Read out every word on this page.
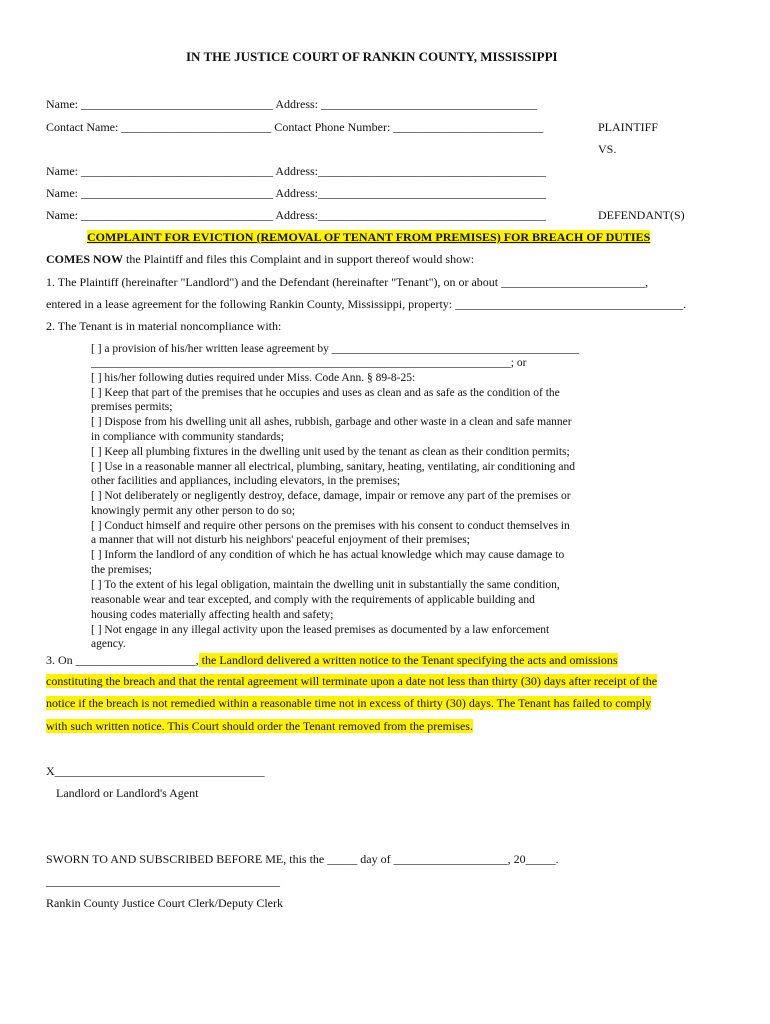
IN THE JUSTICE COURT OF RANKIN COUNTY, MISSISSIPPI
Name: ________________________________ Address: ____________________________________
Contact Name: _________________________ Contact Phone Number: _________________________	PLAINTIFF
VS.
Name: ________________________________ Address:______________________________________
Name: ________________________________ Address:______________________________________
Name: ________________________________ Address:______________________________________	DEFENDANT(S)
COMPLAINT FOR EVICTION (REMOVAL OF TENANT FROM PREMISES) FOR BREACH OF DUTIES
COMES NOW the Plaintiff and files this Complaint and in support thereof would show:
1. The Plaintiff (hereinafter "Landlord") and the Defendant (hereinafter "Tenant"), on or about ________________________,
entered in a lease agreement for the following Rankin County, Mississippi, property: ______________________________________.
2. The Tenant is in material noncompliance with:
[ ] a provision of his/her written lease agreement by ___________________________________________
_________________________________________________________________________; or
[ ] his/her following duties required under Miss. Code Ann. § 89-8-25:
[ ] Keep that part of the premises that he occupies and uses as clean and as safe as the condition of the
premises permits;
[ ] Dispose from his dwelling unit all ashes, rubbish, garbage and other waste in a clean and safe manner
in compliance with community standards;
[ ] Keep all plumbing fixtures in the dwelling unit used by the tenant as clean as their condition permits;
[ ] Use in a reasonable manner all electrical, plumbing, sanitary, heating, ventilating, air conditioning and
other facilities and appliances, including elevators, in the premises;
[ ] Not deliberately or negligently destroy, deface, damage, impair or remove any part of the premises or
knowingly permit any other person to do so;
[ ] Conduct himself and require other persons on the premises with his consent to conduct themselves in
a manner that will not disturb his neighbors' peaceful enjoyment of their premises;
[ ] Inform the landlord of any condition of which he has actual knowledge which may cause damage to
the premises;
[ ] To the extent of his legal obligation, maintain the dwelling unit in substantially the same condition,
reasonable wear and tear excepted, and comply with the requirements of applicable building and
housing codes materially affecting health and safety;
[ ] Not engage in any illegal activity upon the leased premises as documented by a law enforcement
agency.
3. On ____________________, the Landlord delivered a written notice to the Tenant specifying the acts and omissions
constituting the breach and that the rental agreement will terminate upon a date not less than thirty (30) days after receipt of the
notice if the breach is not remedied within a reasonable time not in excess of thirty (30) days. The Tenant has failed to comply
with such written notice. This Court should order the Tenant removed from the premises.
X___________________________________
Landlord or Landlord's Agent
SWORN TO AND SUBSCRIBED BEFORE ME, this the _____ day of ___________________, 20_____.
_______________________________________
Rankin County Justice Court Clerk/Deputy Clerk
